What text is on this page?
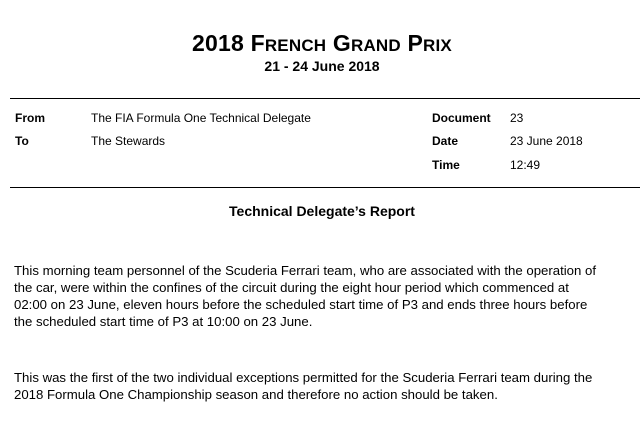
2018 FRENCH GRAND PRIX
21 - 24 June 2018
From	The FIA Formula One Technical Delegate
To	The Stewards
Document 23
Date	23 June 2018
Time	12:49
Technical Delegate’s Report
This morning team personnel of the Scuderia Ferrari team, who are associated with the operation of
the car, were within the confines of the circuit during the eight hour period which commenced at
02:00 on 23 June, eleven hours before the scheduled start time of P3 and ends three hours before
the scheduled start time of P3 at 10:00 on 23 June.
This was the first of the two individual exceptions permitted for the Scuderia Ferrari team during the
2018 Formula One Championship season and therefore no action should be taken.
